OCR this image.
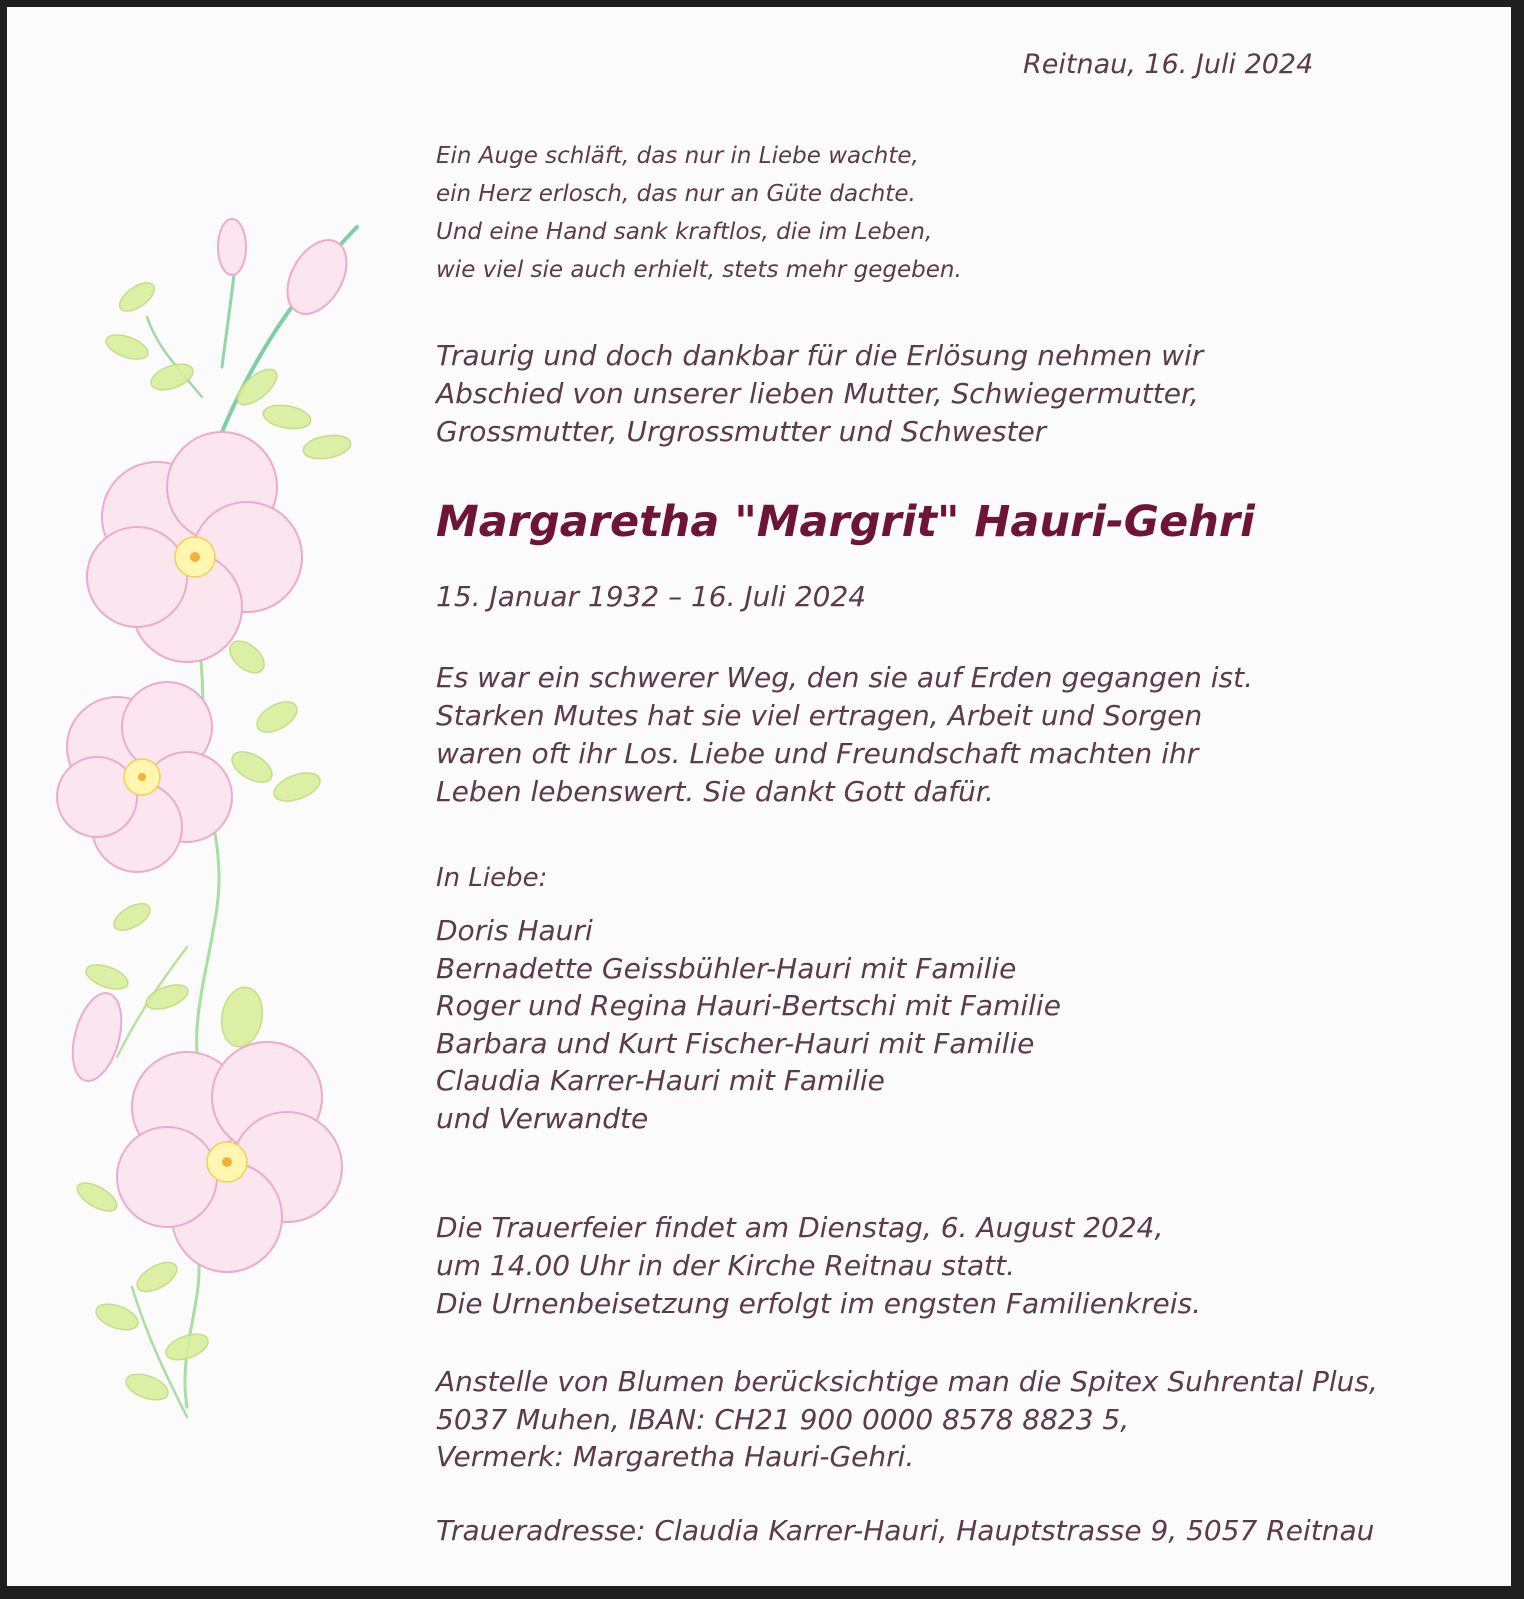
Reitnau, 16. Juli 2024

Ein Auge schläft, das nur in Liebe wachte,
ein Herz erlosch, das nur an Güte dachte.
Und eine Hand sank kraftlos, die im Leben,
wie viel sie auch erhielt, stets mehr gegeben.

Traurig und doch dankbar für die Erlösung nehmen wir
Abschied von unserer lieben Mutter, Schwiegermutter,
Grossmutter, Urgrossmutter und Schwester

Margaretha "Margrit" Hauri-Gehri

15. Januar 1932 – 16. Juli 2024

Es war ein schwerer Weg, den sie auf Erden gegangen ist.
Starken Mutes hat sie viel ertragen, Arbeit und Sorgen
waren oft ihr Los. Liebe und Freundschaft machten ihr
Leben lebenswert. Sie dankt Gott dafür.

In Liebe:

Doris Hauri
Bernadette Geissbühler-Hauri mit Familie
Roger und Regina Hauri-Bertschi mit Familie
Barbara und Kurt Fischer-Hauri mit Familie
Claudia Karrer-Hauri mit Familie
und Verwandte

Die Trauerfeier findet am Dienstag, 6. August 2024,
um 14.00 Uhr in der Kirche Reitnau statt.
Die Urnenbeisetzung erfolgt im engsten Familienkreis.

Anstelle von Blumen berücksichtige man die Spitex Suhrental Plus,
5037 Muhen, IBAN: CH21 900 0000 8578 8823 5,
Vermerk: Margaretha Hauri-Gehri.

Traueradresse: Claudia Karrer-Hauri, Hauptstrasse 9, 5057 Reitnau
